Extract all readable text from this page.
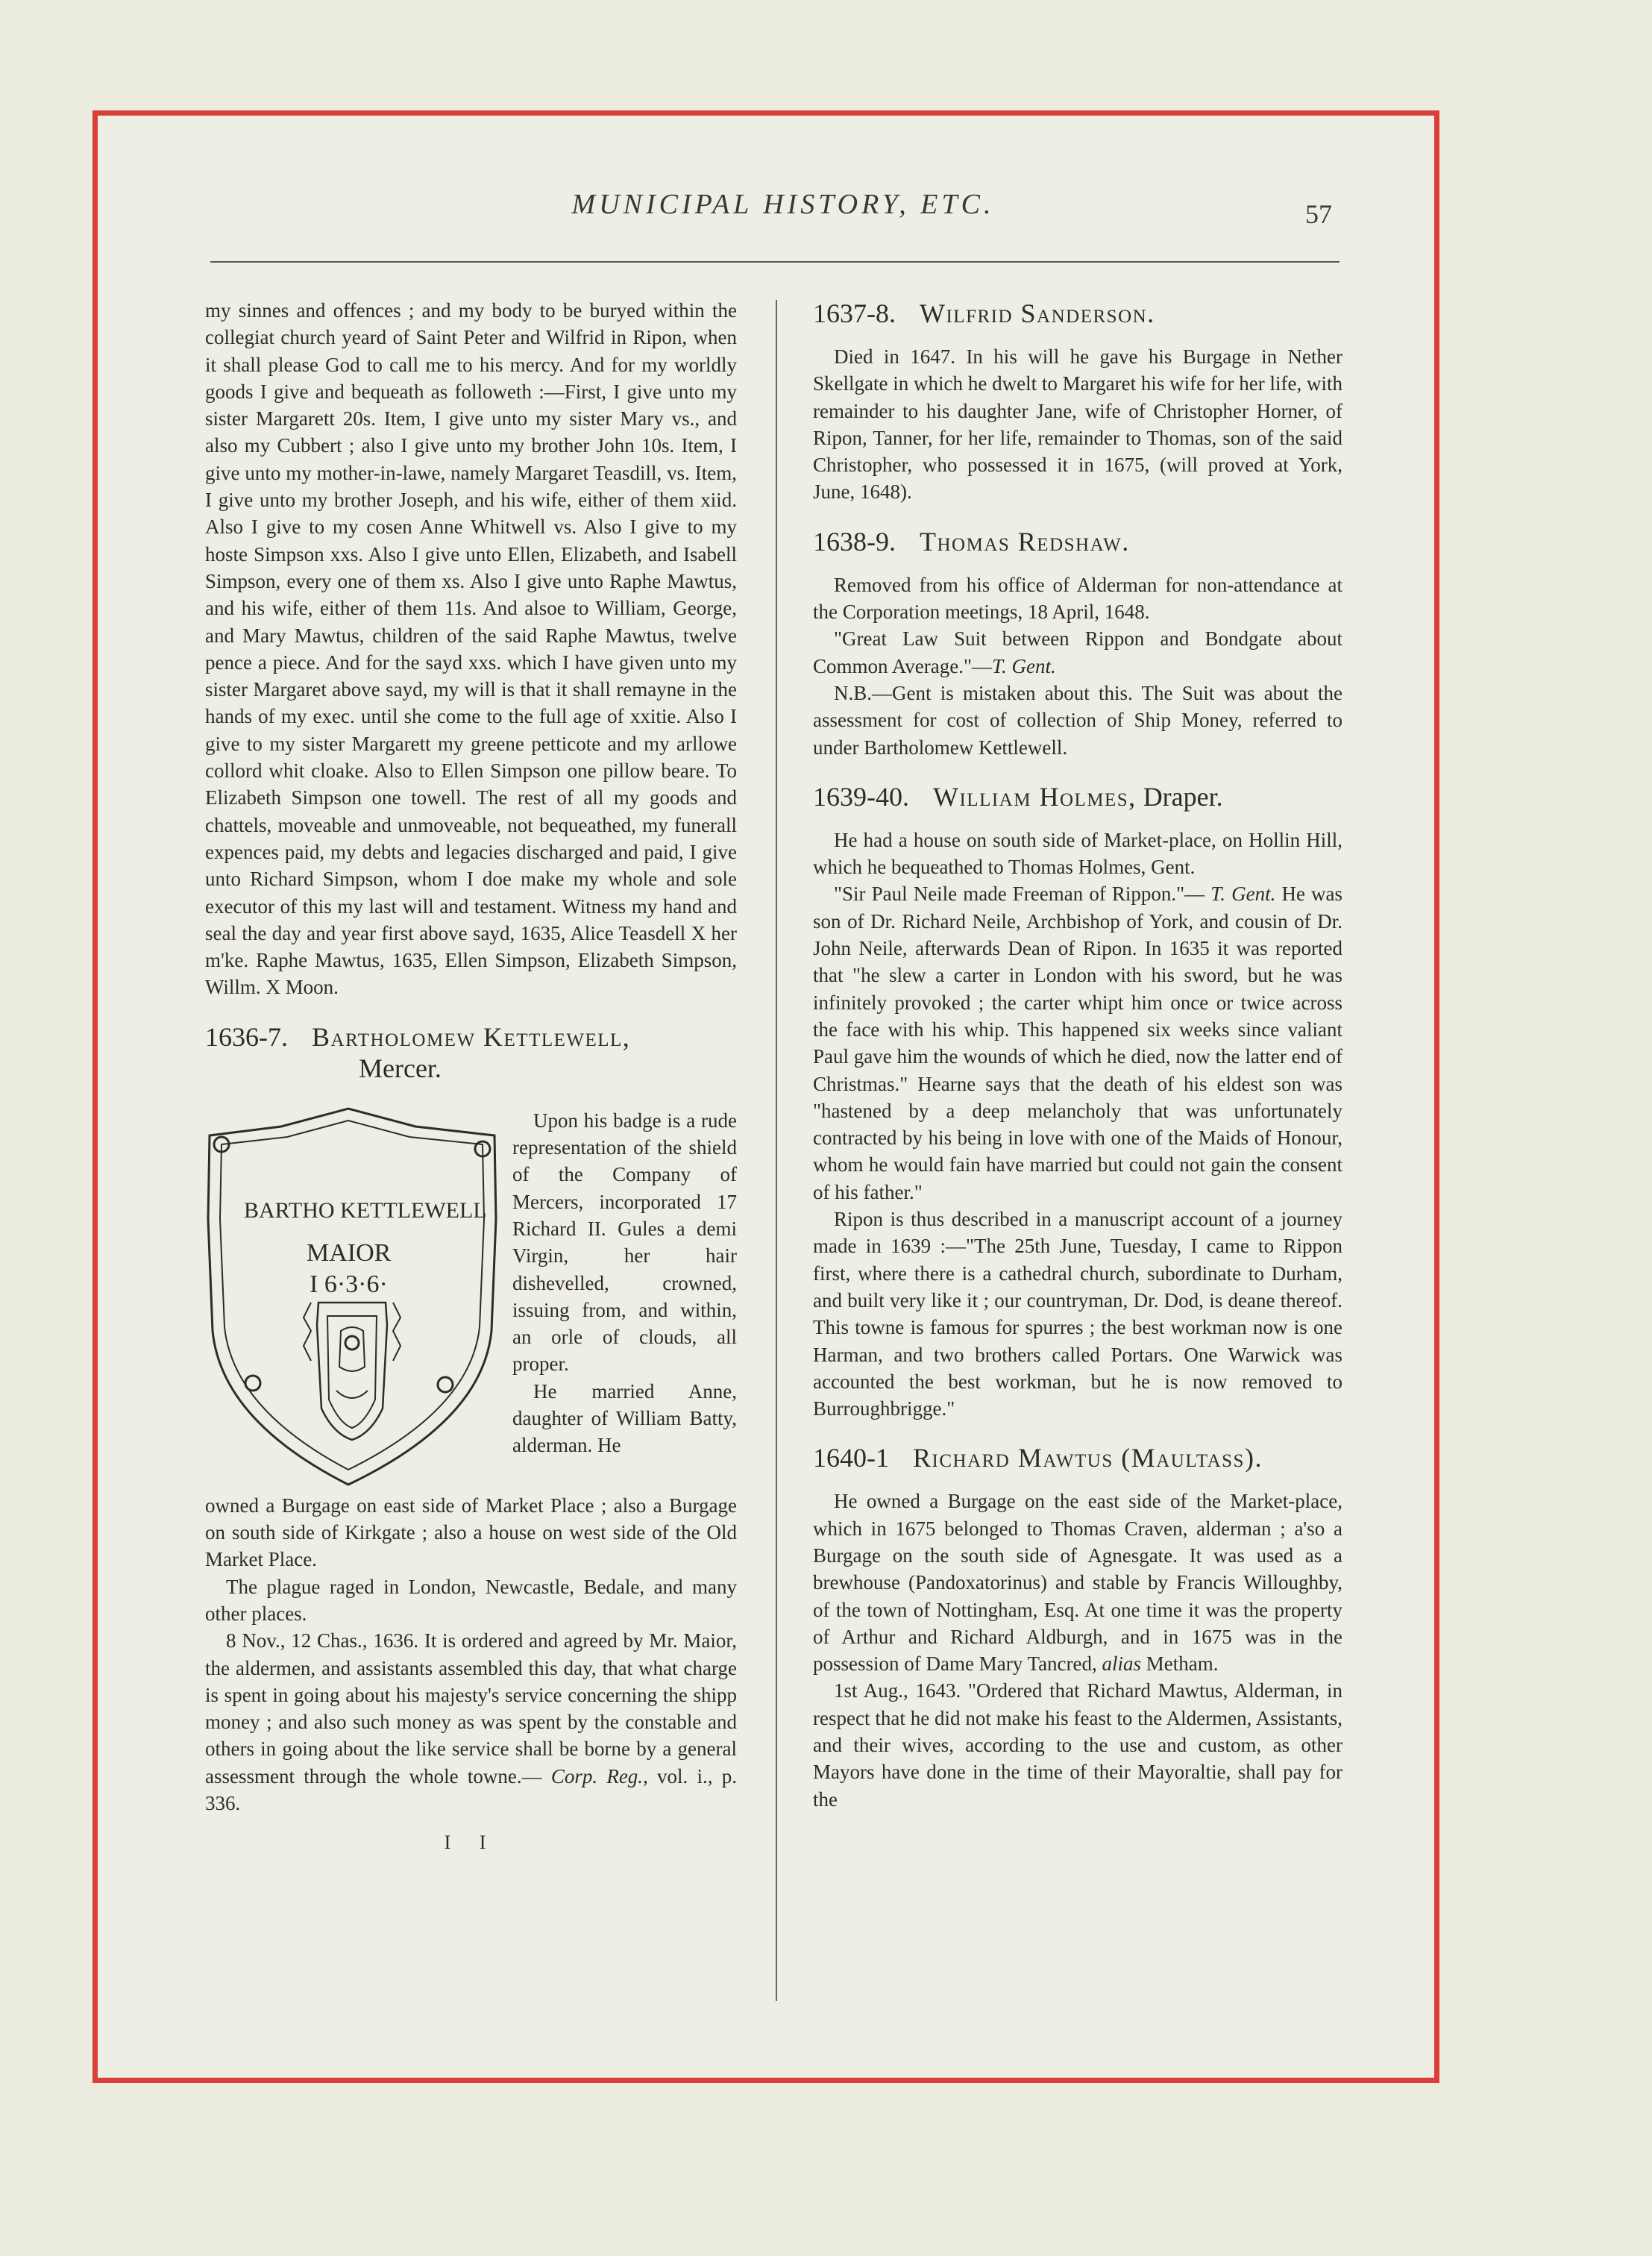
MUNICIPAL HISTORY, ETC.	57

my sinnes and offences ; and my body to be buryed within the collegiat church yeard of Saint Peter and Wilfrid in Ripon, when it shall please God to call me to his mercy. And for my worldly goods I give and bequeath as followeth :—First, I give unto my sister Margarett 20s. Item, I give unto my sister Mary vs., and also my Cubbert ; also I give unto my brother John 10s. Item, I give unto my mother-in-lawe, namely Margaret Teasdill, vs. Item, I give unto my brother Joseph, and his wife, either of them xiid. Also I give to my cosen Anne Whitwell vs. Also I give to my hoste Simpson xxs. Also I give unto Ellen, Elizabeth, and Isabell Simpson, every one of them xs. Also I give unto Raphe Mawtus, and his wife, either of them 11s. And alsoe to William, George, and Mary Mawtus, children of the said Raphe Mawtus, twelve pence a piece. And for the sayd xxs. which I have given unto my sister Margaret above sayd, my will is that it shall remayne in the hands of my exec. until she come to the full age of xxitie. Also I give to my sister Margarett my greene petticote and my arllowe collord whit cloake. Also to Ellen Simpson one pillow beare. To Elizabeth Simpson one towell. The rest of all my goods and chattels, moveable and unmoveable, not bequeathed, my funerall expences paid, my debts and legacies discharged and paid, I give unto Richard Simpson, whom I doe make my whole and sole executor of this my last will and testament. Witness my hand and seal the day and year first above sayd, 1635, Alice Teasdell X her m'ke. Raphe Mawtus, 1635, Ellen Simpson, Elizabeth Simpson, Willm. X Moon.

1636-7. Bartholomew Kettlewell,
Mercer.
BARTHO KETTLEWELL
MAIOR
I 6·3·6·

Upon his badge is a rude representation of the shield of the Company of Mercers, incorporated 17 Richard II. Gules a demi Virgin, her hair dishevelled, crowned, issuing from, and within, an orle of clouds, all proper.

He married Anne, daughter of William Batty, alderman. He

owned a Burgage on east side of Market Place ; also a Burgage on south side of Kirkgate ; also a house on west side of the Old Market Place.

The plague raged in London, Newcastle, Bedale, and many other places.

8 Nov., 12 Chas., 1636. It is ordered and agreed by Mr. Maior, the aldermen, and assistants assembled this day, that what charge is spent in going about his majesty's service concerning the shipp money ; and also such money as was spent by the constable and others in going about the like service shall be borne by a general assessment through the whole towne.— Corp. Reg., vol. i., p. 336.

I I
1637-8. Wilfrid Sanderson.

Died in 1647. In his will he gave his Burgage in Nether Skellgate in which he dwelt to Margaret his wife for her life, with remainder to his daughter Jane, wife of Christopher Horner, of Ripon, Tanner, for her life, remainder to Thomas, son of the said Christopher, who possessed it in 1675, (will proved at York, June, 1648).

1638-9. Thomas Redshaw.

Removed from his office of Alderman for non-attendance at the Corporation meetings, 18 April, 1648.

"Great Law Suit between Rippon and Bondgate about Common Average."—T. Gent.

N.B.—Gent is mistaken about this. The Suit was about the assessment for cost of collection of Ship Money, referred to under Bartholomew Kettlewell.

1639-40. William Holmes, Draper.

He had a house on south side of Market-place, on Hollin Hill, which he bequeathed to Thomas Holmes, Gent.

"Sir Paul Neile made Freeman of Rippon."— T. Gent. He was son of Dr. Richard Neile, Archbishop of York, and cousin of Dr. John Neile, afterwards Dean of Ripon. In 1635 it was reported that "he slew a carter in London with his sword, but he was infinitely provoked ; the carter whipt him once or twice across the face with his whip. This happened six weeks since valiant Paul gave him the wounds of which he died, now the latter end of Christmas." Hearne says that the death of his eldest son was "hastened by a deep melancholy that was unfortunately contracted by his being in love with one of the Maids of Honour, whom he would fain have married but could not gain the consent of his father."

Ripon is thus described in a manuscript account of a journey made in 1639 :—"The 25th June, Tuesday, I came to Rippon first, where there is a cathedral church, subordinate to Durham, and built very like it ; our countryman, Dr. Dod, is deane thereof. This towne is famous for spurres ; the best workman now is one Harman, and two brothers called Portars. One Warwick was accounted the best workman, but he is now removed to Burroughbrigge."

1640-1 Richard Mawtus (Maultass).

He owned a Burgage on the east side of the Market-place, which in 1675 belonged to Thomas Craven, alderman ; a'so a Burgage on the south side of Agnesgate. It was used as a brewhouse (Pandoxatorinus) and stable by Francis Willoughby, of the town of Nottingham, Esq. At one time it was the property of Arthur and Richard Aldburgh, and in 1675 was in the possession of Dame Mary Tancred, alias Metham.

1st Aug., 1643. "Ordered that Richard Mawtus, Alderman, in respect that he did not make his feast to the Aldermen, Assistants, and their wives, according to the use and custom, as other Mayors have done in the time of their Mayoraltie, shall pay for the
